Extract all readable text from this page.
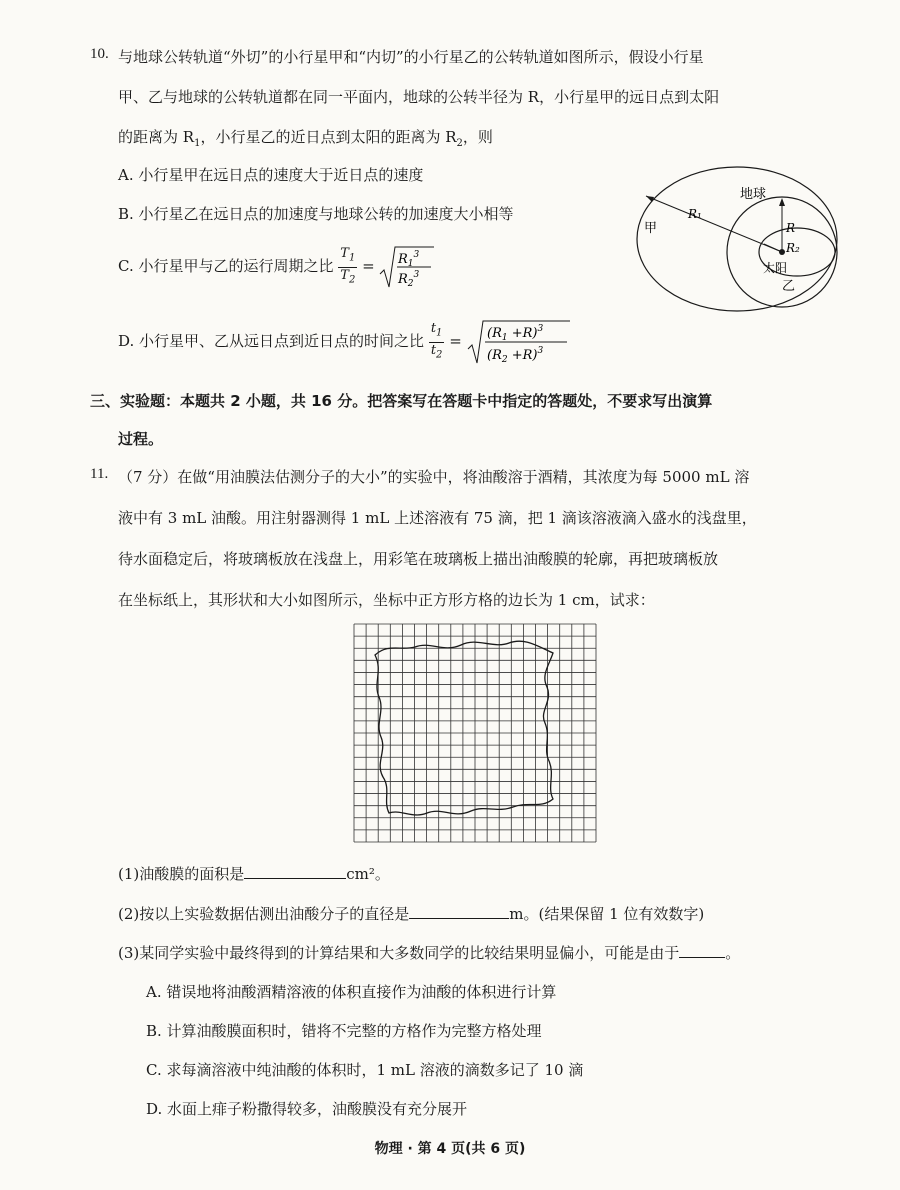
10. 与地球公转轨道“外切”的小行星甲和“内切”的小行星乙的公转轨道如图所示，假设小行星
甲、乙与地球的公转轨道都在同一平面内，地球的公转半径为 R，小行星甲的远日点到太阳
的距离为 $R_1$，小行星乙的近日点到太阳的距离为 $R_2$，则
A. 小行星甲在远日点的速度大于近日点的速度
B. 小行星乙在远日点的加速度与地球公转的加速度大小相等
C. 小行星甲与乙的运行周期之比 $\frac{T_1}{T_2} = R_1^3$
$R_2^3$
D. 小行星甲、乙从远日点到近日点的时间之比 $\frac{t_1}{t_2} = (R_1 +R)^3$
$(R_2 +R)^3$
地球
甲
乙
太阳
R
R₁
R₂
三、实验题：本题共 2 小题，共 16 分。把答案写在答题卡中指定的答题处，不要求写出演算
过程。
11. （7 分）在做“用油膜法估测分子的大小”的实验中，将油酸溶于酒精，其浓度为每 5000 mL 溶
液中有 3 mL 油酸。用注射器测得 1 mL 上述溶液有 75 滴，把 1 滴该溶液滴入盛水的浅盘里，
待水面稳定后，将玻璃板放在浅盘上，用彩笔在玻璃板上描出油酸膜的轮廓，再把玻璃板放
在坐标纸上，其形状和大小如图所示，坐标中正方形方格的边长为 1 cm，试求：
(1)油酸膜的面积是	cm²。
(2)按以上实验数据估测出油酸分子的直径是	m。(结果保留 1 位有效数字)
(3)某同学实验中最终得到的计算结果和大多数同学的比较结果明显偏小，可能是由于	。
A. 错误地将油酸酒精溶液的体积直接作为油酸的体积进行计算
B. 计算油酸膜面积时，错将不完整的方格作为完整方格处理
C. 求每滴溶液中纯油酸的体积时，1 mL 溶液的滴数多记了 10 滴
D. 水面上痱子粉撒得较多，油酸膜没有充分展开
物理 · 第 4 页(共 6 页)
